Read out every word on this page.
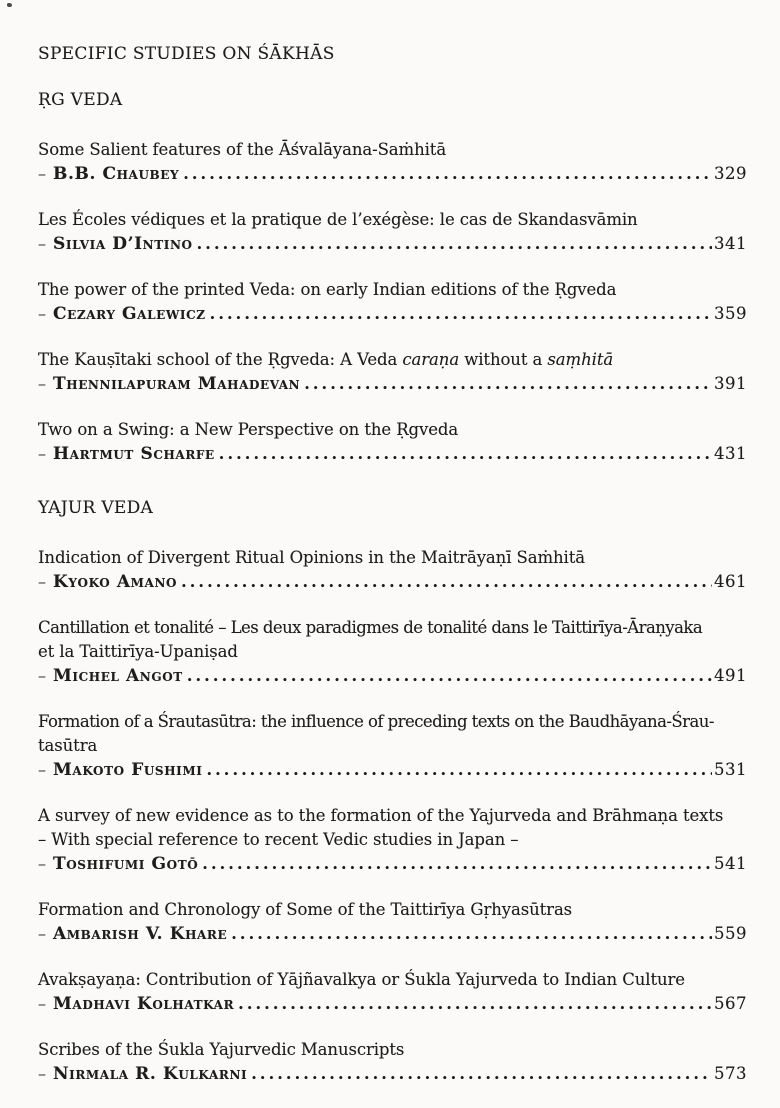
SPECIFIC STUDIES ON ŚĀKHĀS
ṚG VEDA
Some Salient features of the Āśvalāyana-Saṁhitā
– B.B. Chaubey .....	329
Les Écoles védiques et la pratique de l’exégèse: le cas de Skandasvāmin
– Silvia D’Intino .....	341
The power of the printed Veda: on early Indian editions of the Ṛgveda
– Cezary Galewicz .....	359
The Kauṣītaki school of the Ṛgveda: A Veda caraṇa without a saṃhitā
– Thennilapuram Mahadevan .....	391
Two on a Swing: a New Perspective on the Ṛgveda
– Hartmut Scharfe .....	431
YAJUR VEDA
Indication of Divergent Ritual Opinions in the Maitrāyaṇī Saṁhitā
– Kyoko Amano .....	461
Cantillation et tonalité – Les deux paradigmes de tonalité dans le Taittirīya-Āraṇyaka
et la Taittirīya-Upaniṣad
– Michel Angot .....	491
Formation of a Śrautasūtra: the influence of preceding texts on the Baudhāyana-Śrau-
tasūtra
– Makoto Fushimi .....	531
A survey of new evidence as to the formation of the Yajurveda and Brāhmaṇa texts
– With special reference to recent Vedic studies in Japan –
– Toshifumi Gotō .....	541
Formation and Chronology of Some of the Taittirīya Gṛhyasūtras
– Ambarish V. Khare .....	559
Avakṣayaṇa: Contribution of Yājñavalkya or Śukla Yajurveda to Indian Culture
– Madhavi Kolhatkar .....	567
Scribes of the Śukla Yajurvedic Manuscripts
– Nirmala R. Kulkarni .....	573
